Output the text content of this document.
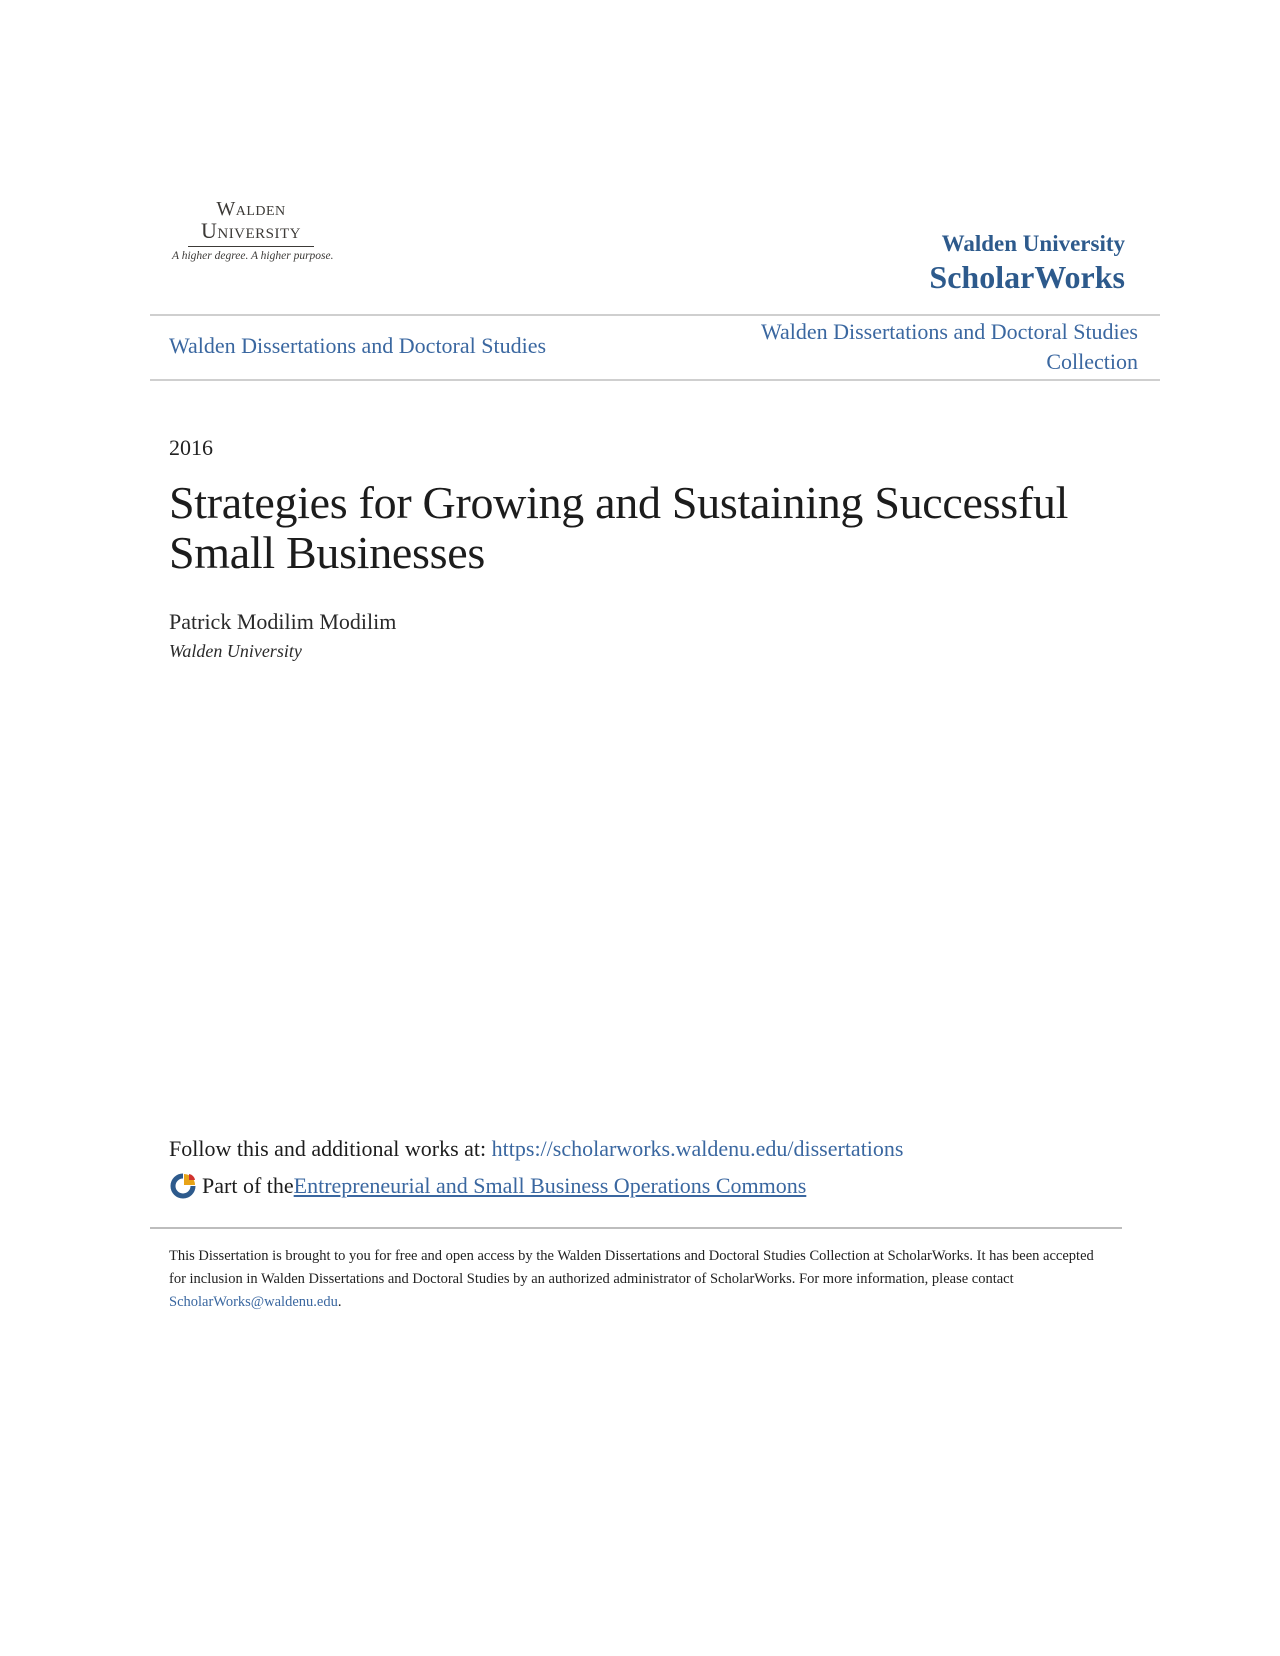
Walden
University
A higher degree. A higher purpose.	Walden University
ScholarWorks
Walden Dissertations and Doctoral Studies
Walden Dissertations and Doctoral Studies Collection
2016
Strategies for Growing and Sustaining Successful Small Businesses
Patrick Modilim Modilim
Walden University
Follow this and additional works at: https://scholarworks.waldenu.edu/dissertations
Part of the Entrepreneurial and Small Business Operations Commons
This Dissertation is brought to you for free and open access by the Walden Dissertations and Doctoral Studies Collection at ScholarWorks. It has been accepted for inclusion in Walden Dissertations and Doctoral Studies by an authorized administrator of ScholarWorks. For more information, please contact ScholarWorks@waldenu.edu.
